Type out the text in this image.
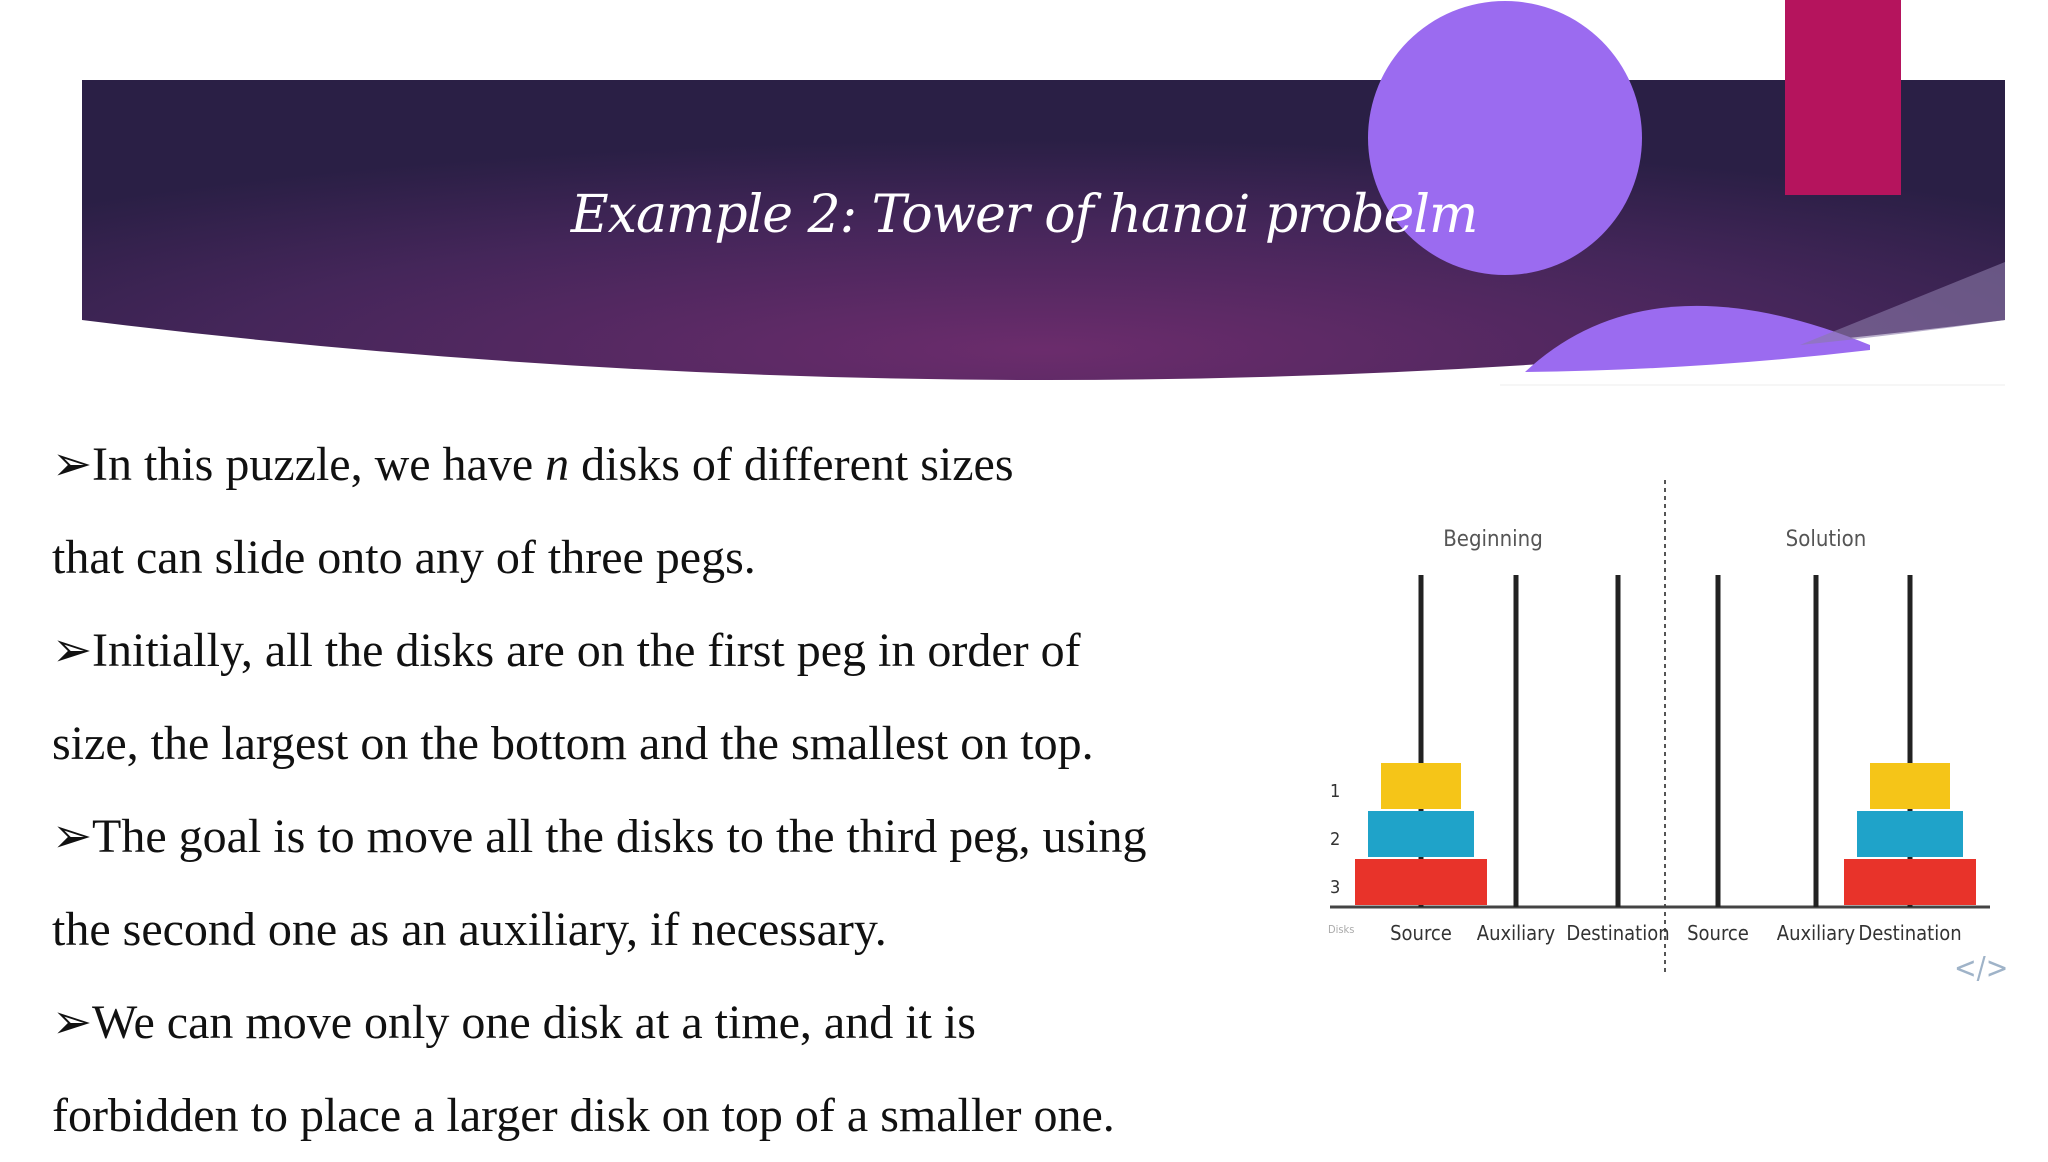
Example 2: Tower of hanoi probelm
➢In this puzzle, we have n disks of different sizes
that can slide onto any of three pegs.
➢Initially, all the disks are on the first peg in order of
size, the largest on the bottom and the smallest on top.
➢The goal is to move all the disks to the third peg, using
the second one as an auxiliary, if necessary.
➢We can move only one disk at a time, and it is
forbidden to place a larger disk on top of a smaller one.
Beginning	Solution
1
2
3
Disks Source Auxiliary Destination Source Auxiliary Destination
</>
